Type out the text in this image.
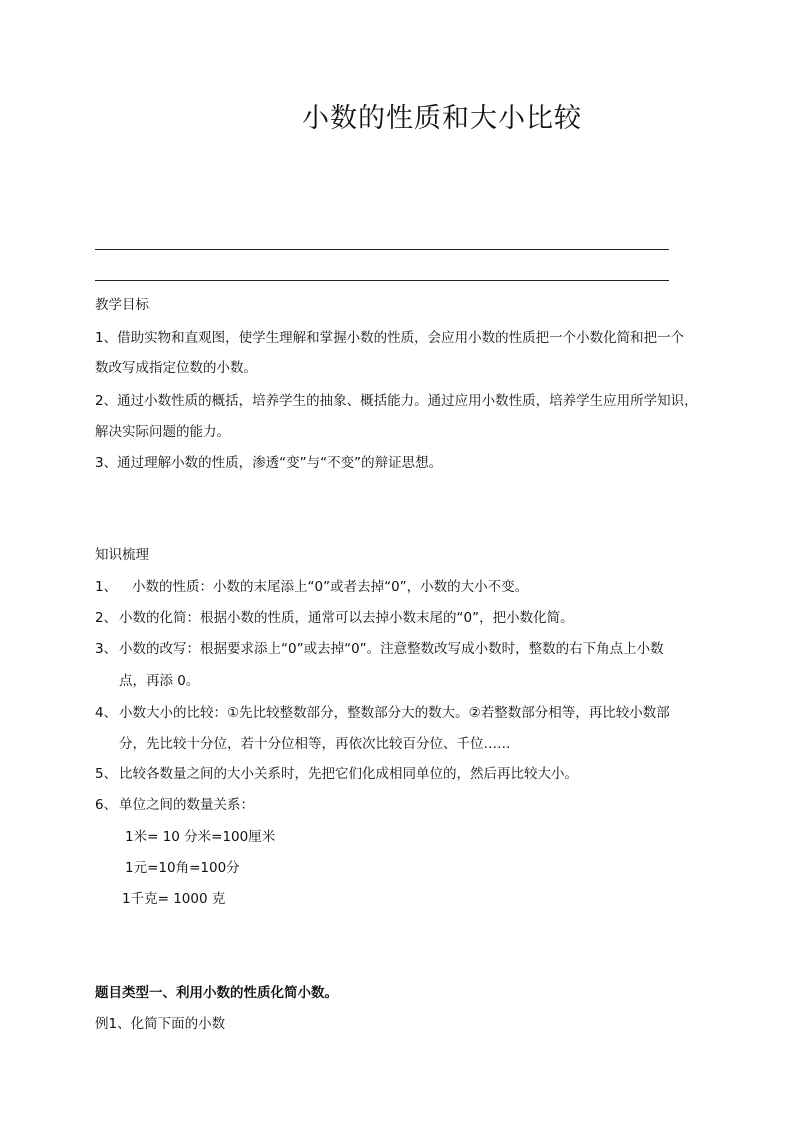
小数的性质和大小比较
教学目标
1、借助实物和直观图，使学生理解和掌握小数的性质，会应用小数的性质把一个小数化简和把一个
数改写成指定位数的小数。
2、通过小数性质的概括，培养学生的抽象、概括能力。通过应用小数性质，培养学生应用所学知识，
解决实际问题的能力。
3、通过理解小数的性质，渗透“变”与“不变”的辩证思想。
知识梳理
1、 小数的性质：小数的末尾添上“0”或者去掉“0”，小数的大小不变。
2、 小数的化简：根据小数的性质，通常可以去掉小数末尾的“0”，把小数化简。
3、 小数的改写：根据要求添上“0”或去掉“0”。注意整数改写成小数时，整数的右下角点上小数
点，再添 0。
4、 小数大小的比较：①先比较整数部分，整数部分大的数大。②若整数部分相等，再比较小数部
分，先比较十分位，若十分位相等，再依次比较百分位、千位……
5、 比较各数量之间的大小关系时，先把它们化成相同单位的，然后再比较大小。
6、 单位之间的数量关系：
1米= 10 分米=100厘米
1元=10角=100分
1千克= 1000 克
题目类型一、利用小数的性质化简小数。
例1、化简下面的小数
